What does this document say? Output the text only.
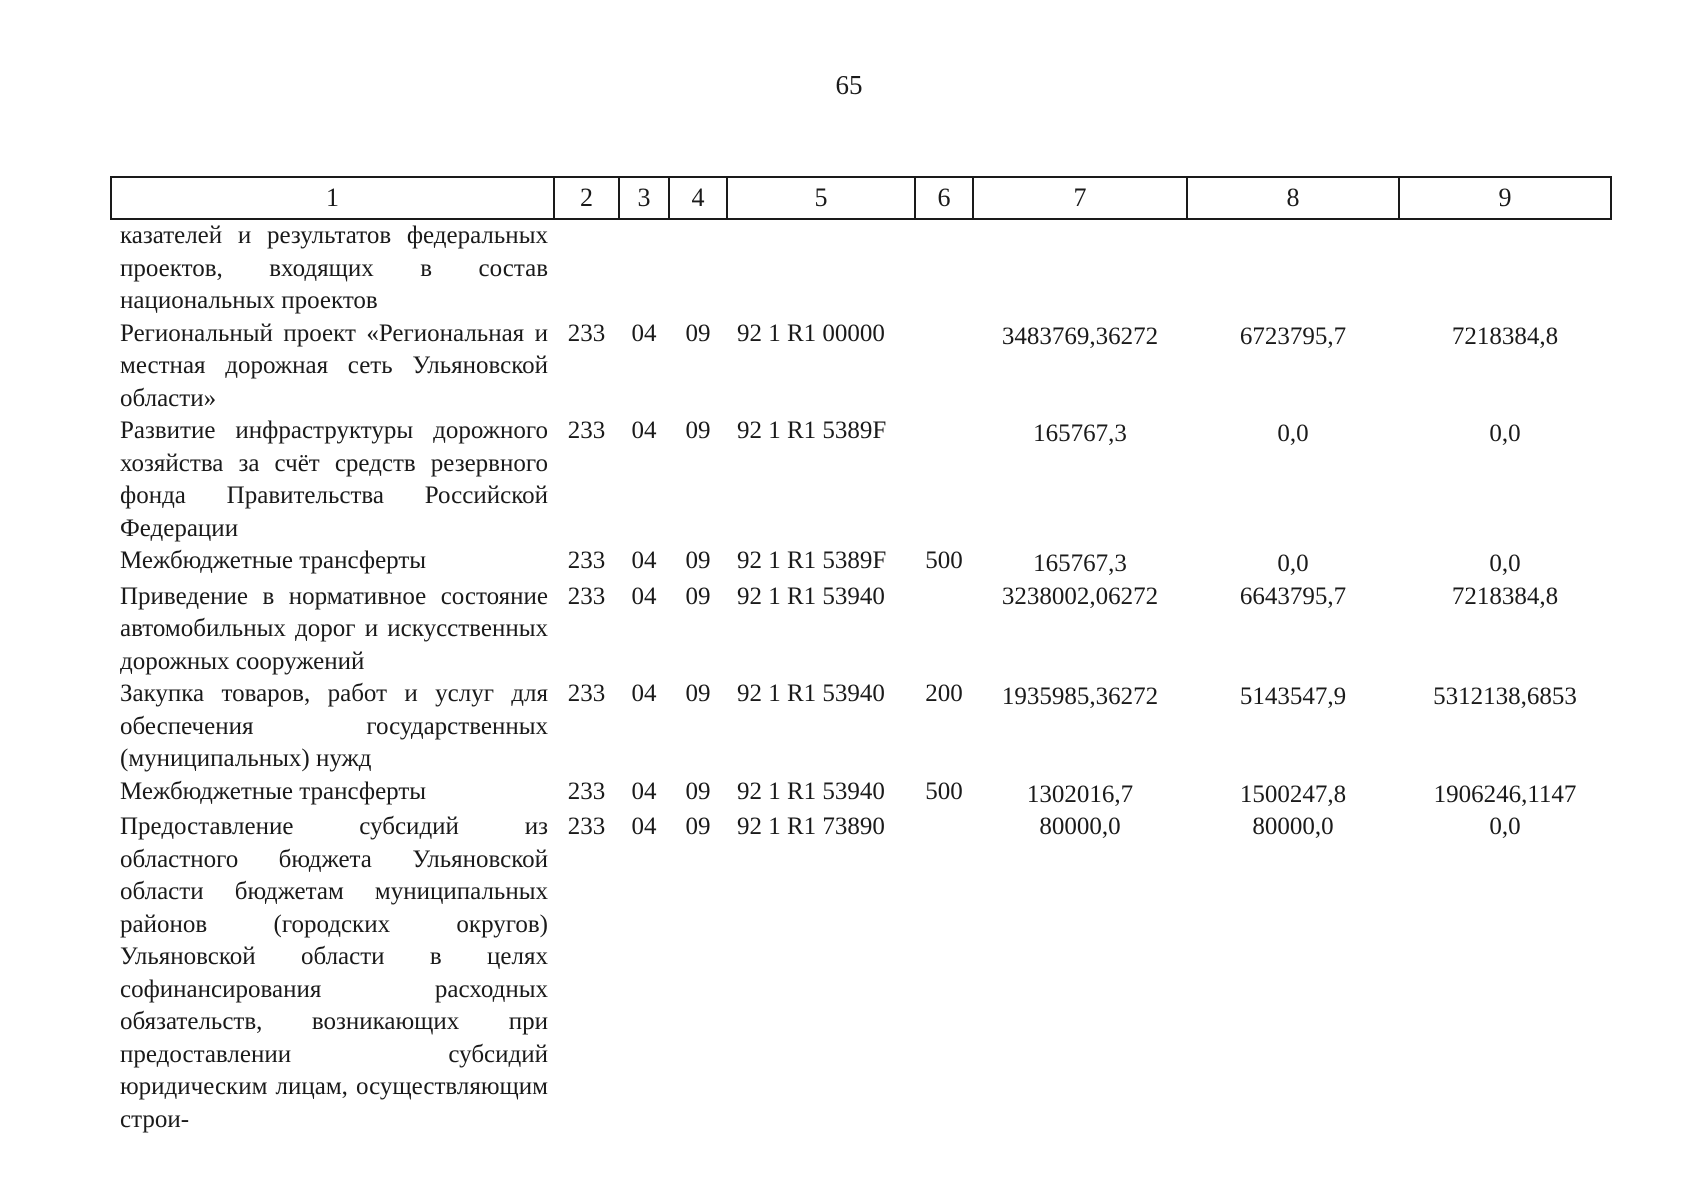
65
1	2	3	4	5	6	7	8	9
казателей и результатов федеральных проектов, входящих в состав национальных проектов								
Региональный проект «Региональная и местная дорожная сеть Ульяновской области»	233	04	09	92 1 R1 00000		3483769,36272	6723795,7	7218384,8
Развитие инфраструктуры дорожного хозяйства за счёт средств резервного фонда Правительства Российской Федерации	233	04	09	92 1 R1 5389F		165767,3	0,0	0,0
Межбюджетные трансферты	233	04	09	92 1 R1 5389F	500	165767,3	0,0	0,0
Приведение в нормативное состояние автомобильных дорог и искусственных дорожных сооружений	233	04	09	92 1 R1 53940		3238002,06272	6643795,7	7218384,8
Закупка товаров, работ и услуг для обеспечения государственных (муниципальных) нужд	233	04	09	92 1 R1 53940	200	1935985,36272	5143547,9	5312138,6853
Межбюджетные трансферты	233	04	09	92 1 R1 53940	500	1302016,7	1500247,8	1906246,1147
Предоставление субсидий из областного бюджета Ульяновской области бюджетам муниципальных районов (городских округов) Ульяновской области в целях софинансирования расходных обязательств, возникающих при предоставлении субсидий юридическим лицам, осуществляющим строи-	233	04	09	92 1 R1 73890		80000,0	80000,0	0,0
